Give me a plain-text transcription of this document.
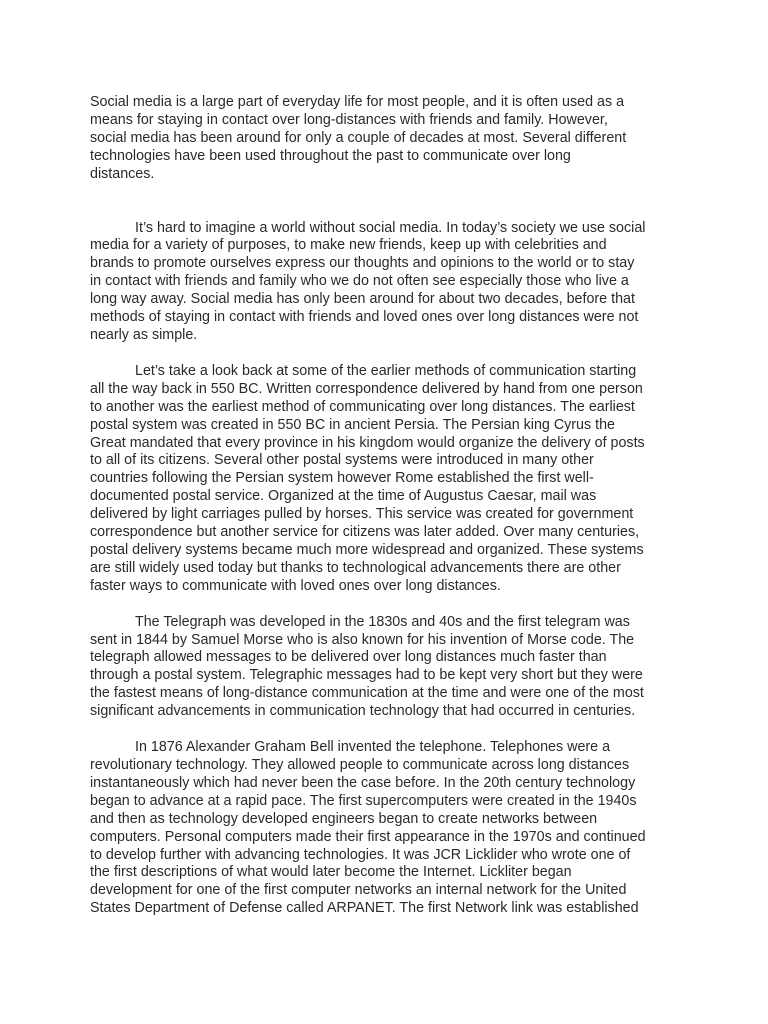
Social media is a large part of everyday life for most people, and it is often used as a
means for staying in contact over long-distances with friends and family. However,
social media has been around for only a couple of decades at most. Several different
technologies have been used throughout the past to communicate over long
distances.

It’s hard to imagine a world without social media. In today’s society we use social
media for a variety of purposes, to make new friends, keep up with celebrities and
brands to promote ourselves express our thoughts and opinions to the world or to stay
in contact with friends and family who we do not often see especially those who live a
long way away. Social media has only been around for about two decades, before that
methods of staying in contact with friends and loved ones over long distances were not
nearly as simple.

Let’s take a look back at some of the earlier methods of communication starting
all the way back in 550 BC. Written correspondence delivered by hand from one person
to another was the earliest method of communicating over long distances. The earliest
postal system was created in 550 BC in ancient Persia. The Persian king Cyrus the
Great mandated that every province in his kingdom would organize the delivery of posts
to all of its citizens. Several other postal systems were introduced in many other
countries following the Persian system however Rome established the first well-
documented postal service. Organized at the time of Augustus Caesar, mail was
delivered by light carriages pulled by horses. This service was created for government
correspondence but another service for citizens was later added. Over many centuries,
postal delivery systems became much more widespread and organized. These systems
are still widely used today but thanks to technological advancements there are other
faster ways to communicate with loved ones over long distances.

The Telegraph was developed in the 1830s and 40s and the first telegram was
sent in 1844 by Samuel Morse who is also known for his invention of Morse code. The
telegraph allowed messages to be delivered over long distances much faster than
through a postal system. Telegraphic messages had to be kept very short but they were
the fastest means of long-distance communication at the time and were one of the most
significant advancements in communication technology that had occurred in centuries.

In 1876 Alexander Graham Bell invented the telephone. Telephones were a
revolutionary technology. They allowed people to communicate across long distances
instantaneously which had never been the case before. In the 20th century technology
began to advance at a rapid pace. The first supercomputers were created in the 1940s
and then as technology developed engineers began to create networks between
computers. Personal computers made their first appearance in the 1970s and continued
to develop further with advancing technologies. It was JCR Licklider who wrote one of
the first descriptions of what would later become the Internet. Lickliter began
development for one of the first computer networks an internal network for the United
States Department of Defense called ARPANET. The first Network link was established
